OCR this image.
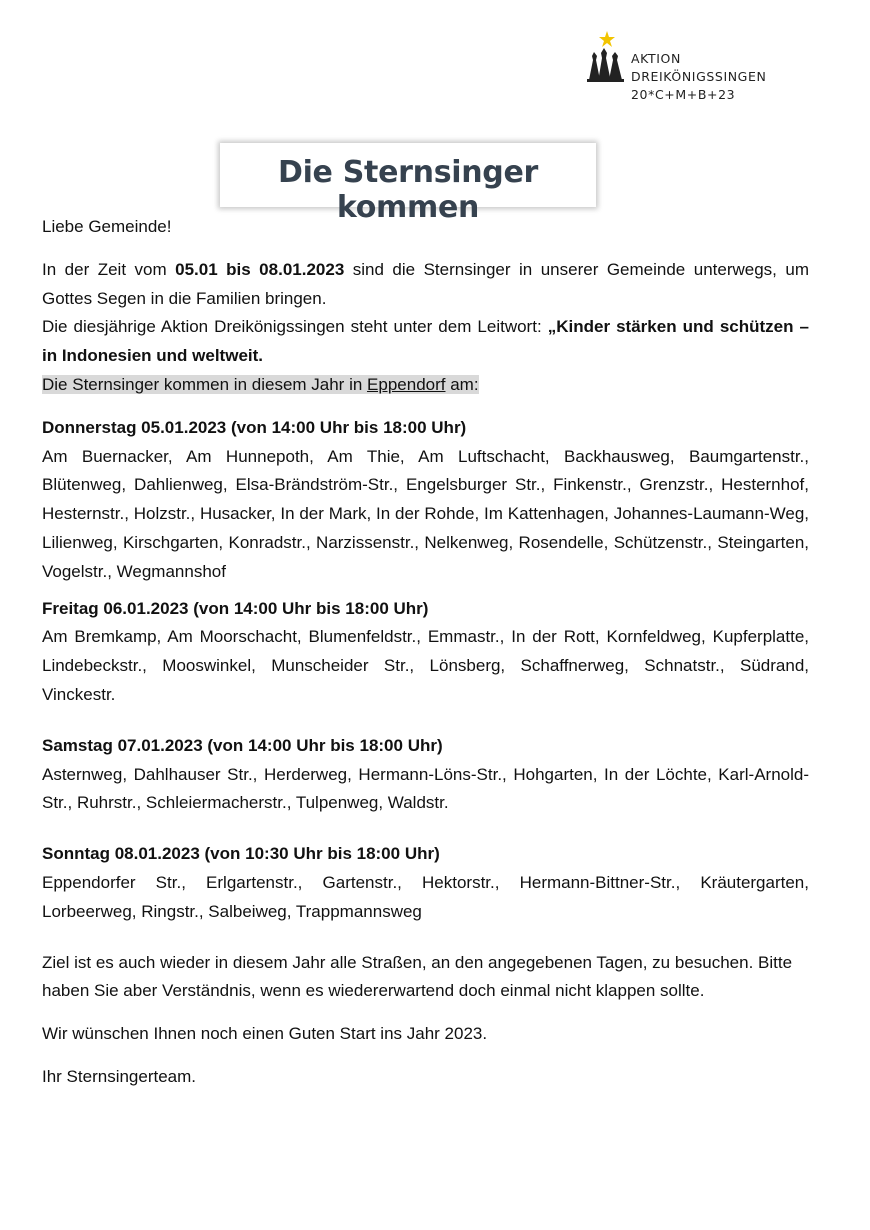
AKTION
DREIKÖNIGSSINGEN
20*C+M+B+23
Die Sternsinger kommen

Liebe Gemeinde!

In der Zeit vom 05.01 bis 08.01.2023 sind die Sternsinger in unserer Gemeinde unterwegs, um Gottes Segen in die Familien bringen.
Die diesjährige Aktion Dreikönigssingen steht unter dem Leitwort: „Kinder stärken und schützen – in Indonesien und weltweit.
Die Sternsinger kommen in diesem Jahr in Eppendorf am:

Donnerstag 05.01.2023 (von 14:00 Uhr bis 18:00 Uhr)

Am Buernacker, Am Hunnepoth, Am Thie, Am Luftschacht, Backhausweg, Baumgartenstr., Blütenweg, Dahlienweg, Elsa-Brändström-Str., Engelsburger Str., Finkenstr., Grenzstr., Hesternhof, Hesternstr., Holzstr., Husacker, In der Mark, In der Rohde, Im Kattenhagen, Johannes-Laumann-Weg, Lilienweg, Kirschgarten, Konradstr., Narzissenstr., Nelkenweg, Rosendelle, Schützenstr., Steingarten, Vogelstr., Wegmannshof

Freitag 06.01.2023 (von 14:00 Uhr bis 18:00 Uhr)

Am Bremkamp, Am Moorschacht, Blumenfeldstr., Emmastr., In der Rott, Kornfeldweg, Kupferplatte, Lindebeckstr., Mooswinkel, Munscheider Str., Lönsberg, Schaffnerweg, Schnatstr., Südrand, Vinckestr.

Samstag 07.01.2023 (von 14:00 Uhr bis 18:00 Uhr)

Asternweg, Dahlhauser Str., Herderweg, Hermann-Löns-Str., Hohgarten, In der Löchte, Karl-Arnold-Str., Ruhrstr., Schleiermacherstr., Tulpenweg, Waldstr.

Sonntag 08.01.2023 (von 10:30 Uhr bis 18:00 Uhr)

Eppendorfer Str., Erlgartenstr., Gartenstr., Hektorstr., Hermann-Bittner-Str., Kräutergarten, Lorbeerweg, Ringstr., Salbeiweg, Trappmannsweg

Ziel ist es auch wieder in diesem Jahr alle Straßen, an den angegebenen Tagen, zu besuchen. Bitte haben Sie aber Verständnis, wenn es wiedererwartend doch einmal nicht klappen sollte.

Wir wünschen Ihnen noch einen Guten Start ins Jahr 2023.

Ihr Sternsingerteam.
